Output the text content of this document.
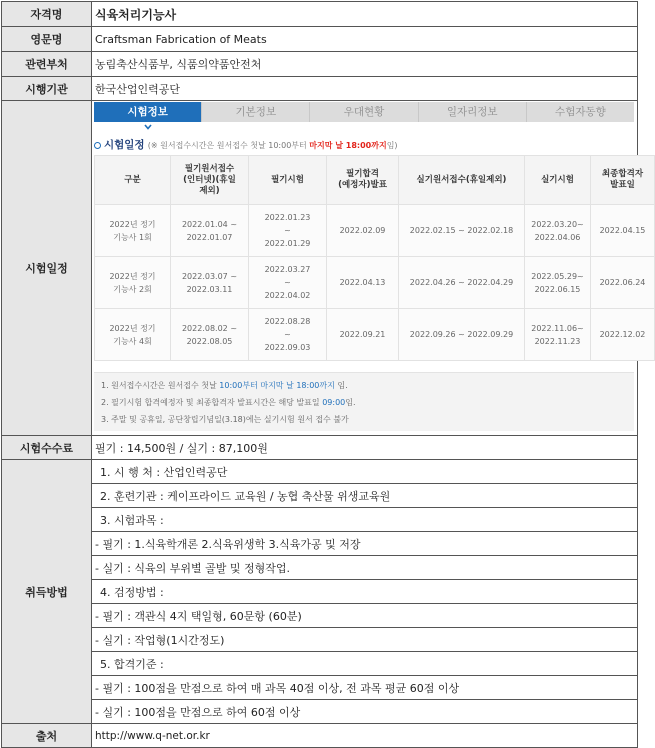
자격명	식육처리기능사
영문명	Craftsman Fabrication of Meats
관련부처	농림축산식품부, 식품의약품안전처
시행기관	한국산업인력공단
시험일정	
시험정보	기본정보	우대현황	일자리정보	수험자동향
시험일정 (※ 원서접수시간은 원서접수 첫날 10:00부터 마지막 날 18:00까지임)
구분	필기원서접수
(인터넷)(휴일
제외)	필기시험	필기합격
(예정자)발표	실기원서접수(휴일제외)	실기시험	최종합격자
발표일
2022년 정기
기능사 1회	2022.01.04 ~
2022.01.07	2022.01.23
~
2022.01.29	2022.02.09	2022.02.15 ~ 2022.02.18	2022.03.20~
2022.04.06	2022.04.15
2022년 정기
기능사 2회	2022.03.07 ~
2022.03.11	2022.03.27
~
2022.04.02	2022.04.13	2022.04.26 ~ 2022.04.29	2022.05.29~
2022.06.15	2022.06.24
2022년 정기
기능사 4회	2022.08.02 ~
2022.08.05	2022.08.28
~
2022.09.03	2022.09.21	2022.09.26 ~ 2022.09.29	2022.11.06~
2022.11.23	2022.12.02
1. 원서접수시간은 원서접수 첫날 10:00부터 마지막 날 18:00까지 임.
2. 필기시험 합격예정자 및 최종합격자 발표시간은 해당 발표일 09:00임.
3. 주말 및 공휴일, 공단창립기념일(3.18)에는 실기시험 원서 접수 불가

시험수수료	필기 : 14,500원 / 실기 : 87,100원
취득방법	1. 시 행 처 : 산업인력공단
2. 훈련기관 : 케이프라이드 교육원 / 농협 축산물 위생교육원
3. 시험과목 :
- 필기 : 1.식육학개론 2.식육위생학 3.식육가공 및 저장
- 실기 : 식육의 부위별 골발 및 정형작업.
4. 검정방법 :
- 필기 : 객관식 4지 택일형, 60문항 (60분)
- 실기 : 작업형(1시간정도)
5. 합격기준 :
- 필기 : 100점을 만점으로 하여 매 과목 40점 이상, 전 과목 평균 60점 이상
- 실기 : 100점을 만점으로 하여 60점 이상
출처	http://www.q-net.or.kr
